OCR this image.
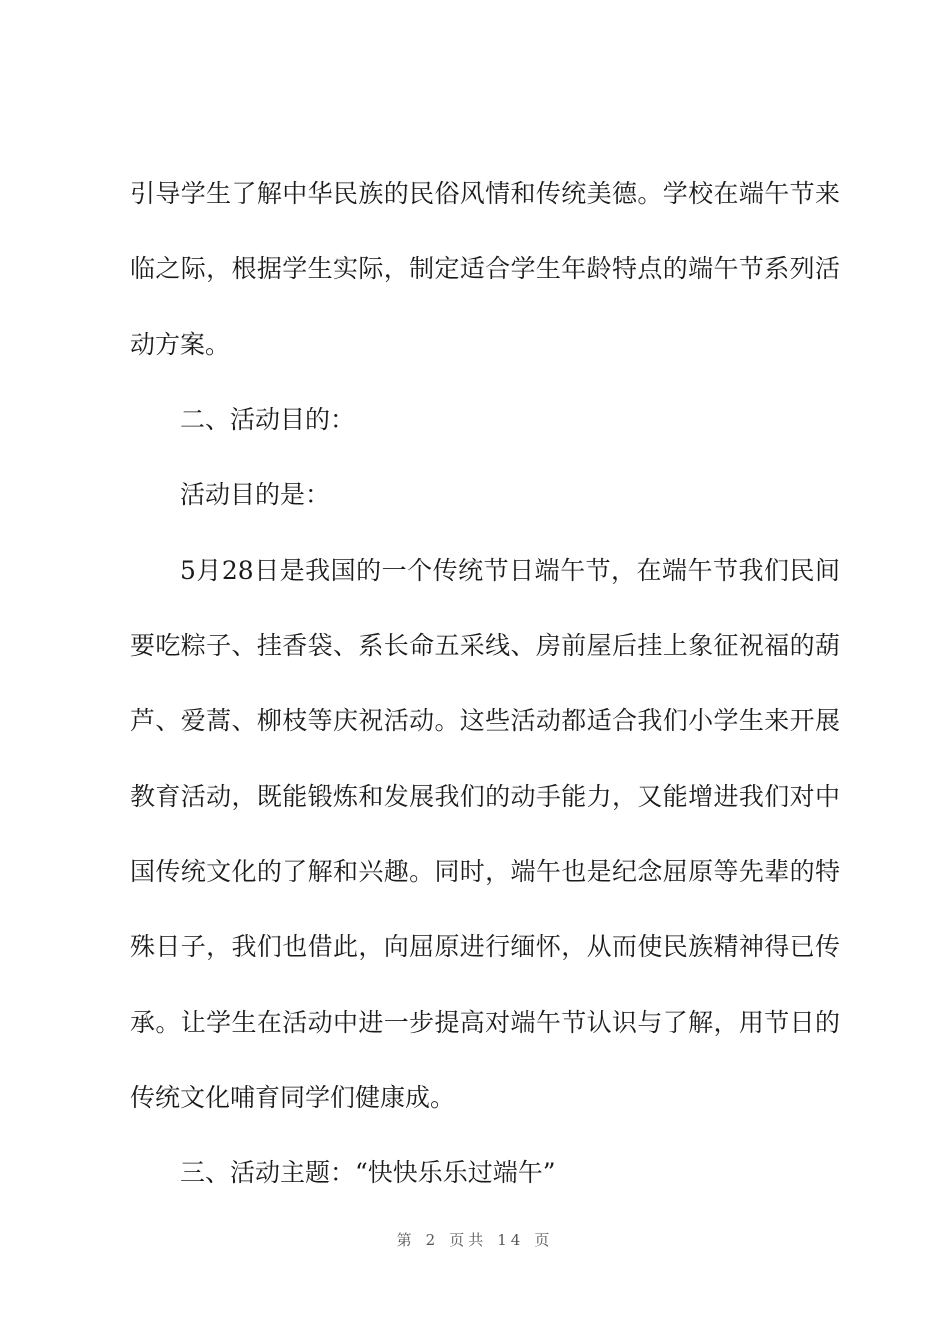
引导学生了解中华民族的民俗风情和传统美德。学校在端午节来
临之际，根据学生实际，制定适合学生年龄特点的端午节系列活
动方案。
二、活动目的：
活动目的是：
5月28日是我国的一个传统节日端午节，在端午节我们民间
要吃粽子、挂香袋、系长命五采线、房前屋后挂上象征祝福的葫
芦、爱蒿、柳枝等庆祝活动。这些活动都适合我们小学生来开展
教育活动，既能锻炼和发展我们的动手能力，又能增进我们对中
国传统文化的了解和兴趣。同时，端午也是纪念屈原等先辈的特
殊日子，我们也借此，向屈原进行缅怀，从而使民族精神得已传
承。让学生在活动中进一步提高对端午节认识与了解，用节日的
传统文化哺育同学们健康成。
三、活动主题：“快快乐乐过端午”
第 2 页共 14 页
